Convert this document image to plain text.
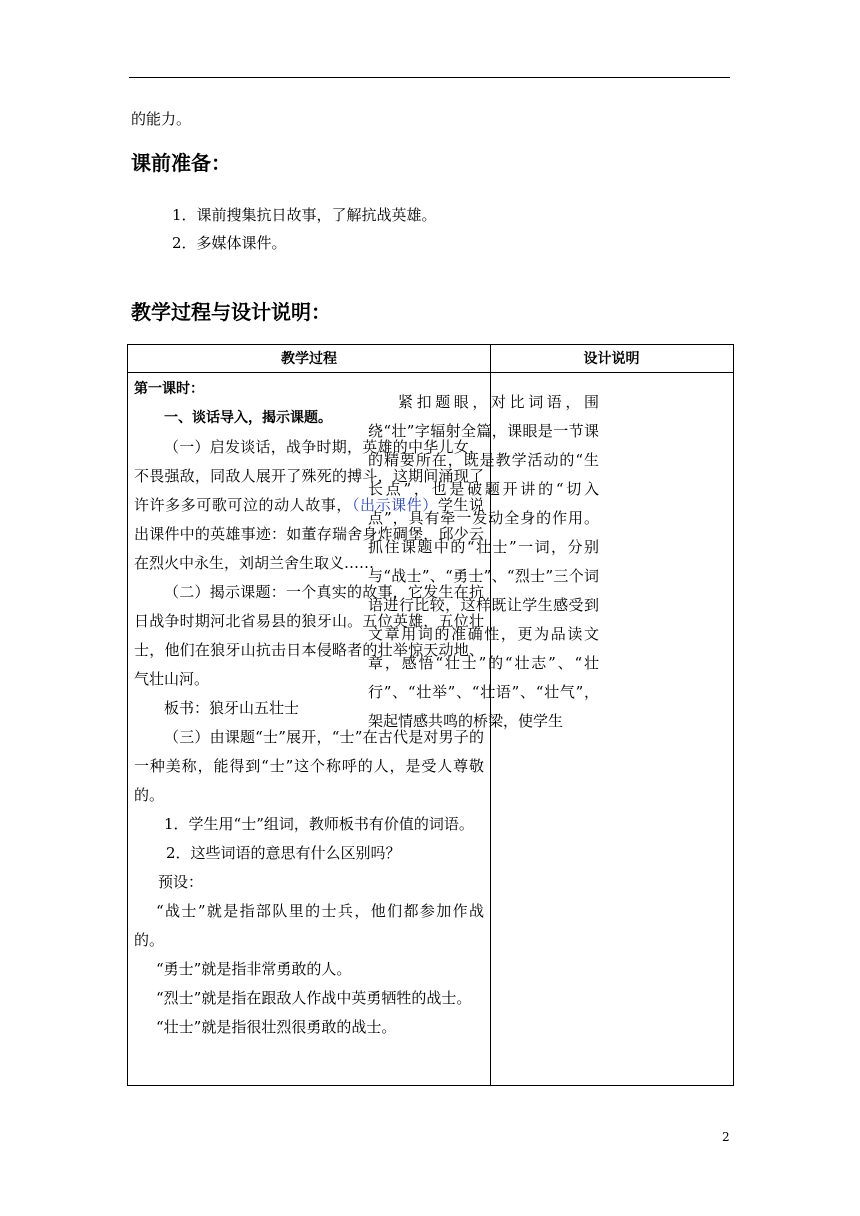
的能力。
课前准备：
1．课前搜集抗日故事，了解抗战英雄。
2．多媒体课件。
教学过程与设计说明：
教学过程	设计说明

第一课时：

一、谈话导入，揭示课题。

（一）启发谈话，战争时期，英雄的中华儿女，不畏强敌，同敌人展开了殊死的搏斗，这期间涌现了许许多多可歌可泣的动人故事，（出示课件）学生说出课件中的英雄事迹：如董存瑞舍身炸碉堡，邱少云在烈火中永生，刘胡兰舍生取义……

（二）揭示课题：一个真实的故事，它发生在抗日战争时期河北省易县的狼牙山。五位英雄，五位壮士，他们在狼牙山抗击日本侵略者的壮举惊天动地、气壮山河。

板书：狼牙山五壮士

（三）由课题“士”展开，“士”在古代是对男子的一种美称，能得到“士”这个称呼的人，是受人尊敬的。

1．学生用“士”组词，教师板书有价值的词语。

2．这些词语的意思有什么区别吗？

预设：

“战士”就是指部队里的士兵，他们都参加作战的。

“勇士”就是指非常勇敢的人。

“烈士”就是指在跟敌人作战中英勇牺牲的战士。

“壮士”就是指很壮烈很勇敢的战士。

紧扣题眼，对比词语，围绕“壮”字辐射全篇，课眼是一节课的精要所在，既是教学活动的“生长点”，也是破题开讲的“切入点”，具有牵一发动全身的作用。抓住课题中的“壮士”一词，分别与“战士”、“勇士”、“烈士”三个词语进行比较，这样既让学生感受到文章用词的准确性，更为品读文章，感悟“壮士”的“壮志”、“壮行”、“壮举”、“壮语”、“壮气”，架起情感共鸣的桥梁，使学生
2
